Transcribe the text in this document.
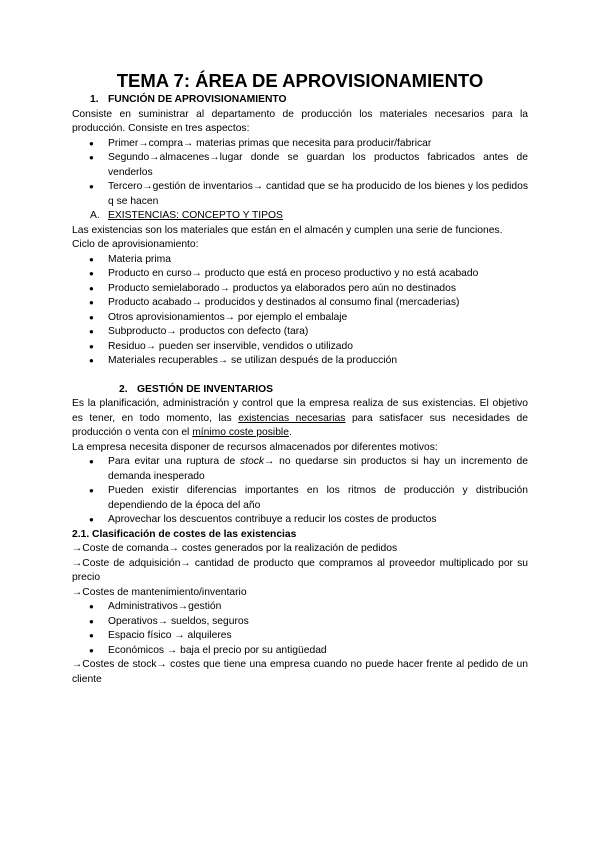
TEMA 7: ÁREA DE APROVISIONAMIENTO
1. FUNCIÓN DE APROVISIONAMIENTO

Consiste en suministrar al departamento de producción los materiales necesarios para la producción. Consiste en tres aspectos:

● Primer→compra→ materias primas que necesita para producir/fabricar
● Segundo→almacenes→lugar donde se guardan los productos fabricados antes de venderlos
● Tercero→gestión de inventarios→ cantidad que se ha producido de los bienes y los pedidos q se hacen
A. EXISTENCIAS: CONCEPTO Y TIPOS

Las existencias son los materiales que están en el almacén y cumplen una serie de funciones.

Ciclo de aprovisionamiento:

● Materia prima
● Producto en curso→ producto que está en proceso productivo y no está acabado
● Producto semielaborado→ productos ya elaborados pero aún no destinados
● Producto acabado→ producidos y destinados al consumo final (mercaderias)
● Otros aprovisionamientos→ por ejemplo el embalaje
● Subproducto→ productos con defecto (tara)
● Residuo→ pueden ser inservible, vendidos o utilizado
● Materiales recuperables→ se utilizan después de la producción
2. GESTIÓN DE INVENTARIOS

Es la planificación, administración y control que la empresa realiza de sus existencias. El objetivo es tener, en todo momento, las existencias necesarias para satisfacer sus necesidades de producción o venta con el mínimo coste posible.

La empresa necesita disponer de recursos almacenados por diferentes motivos:

● Para evitar una ruptura de stock→ no quedarse sin productos si hay un incremento de demanda inesperado
● Pueden existir diferencias importantes en los ritmos de producción y distribución dependiendo de la época del año
● Aprovechar los descuentos contribuye a reducir los costes de productos

2.1. Clasificación de costes de las existencias

→Coste de comanda→ costes generados por la realización de pedidos

→Coste de adquisición→ cantidad de producto que compramos al proveedor multiplicado por su precio

→Costes de mantenimiento/inventario

● Administrativos→gestión
● Operativos→ sueldos, seguros
● Espacio físico → alquileres
● Económicos → baja el precio por su antigüedad

→Costes de stock→ costes que tiene una empresa cuando no puede hacer frente al pedido de un cliente
